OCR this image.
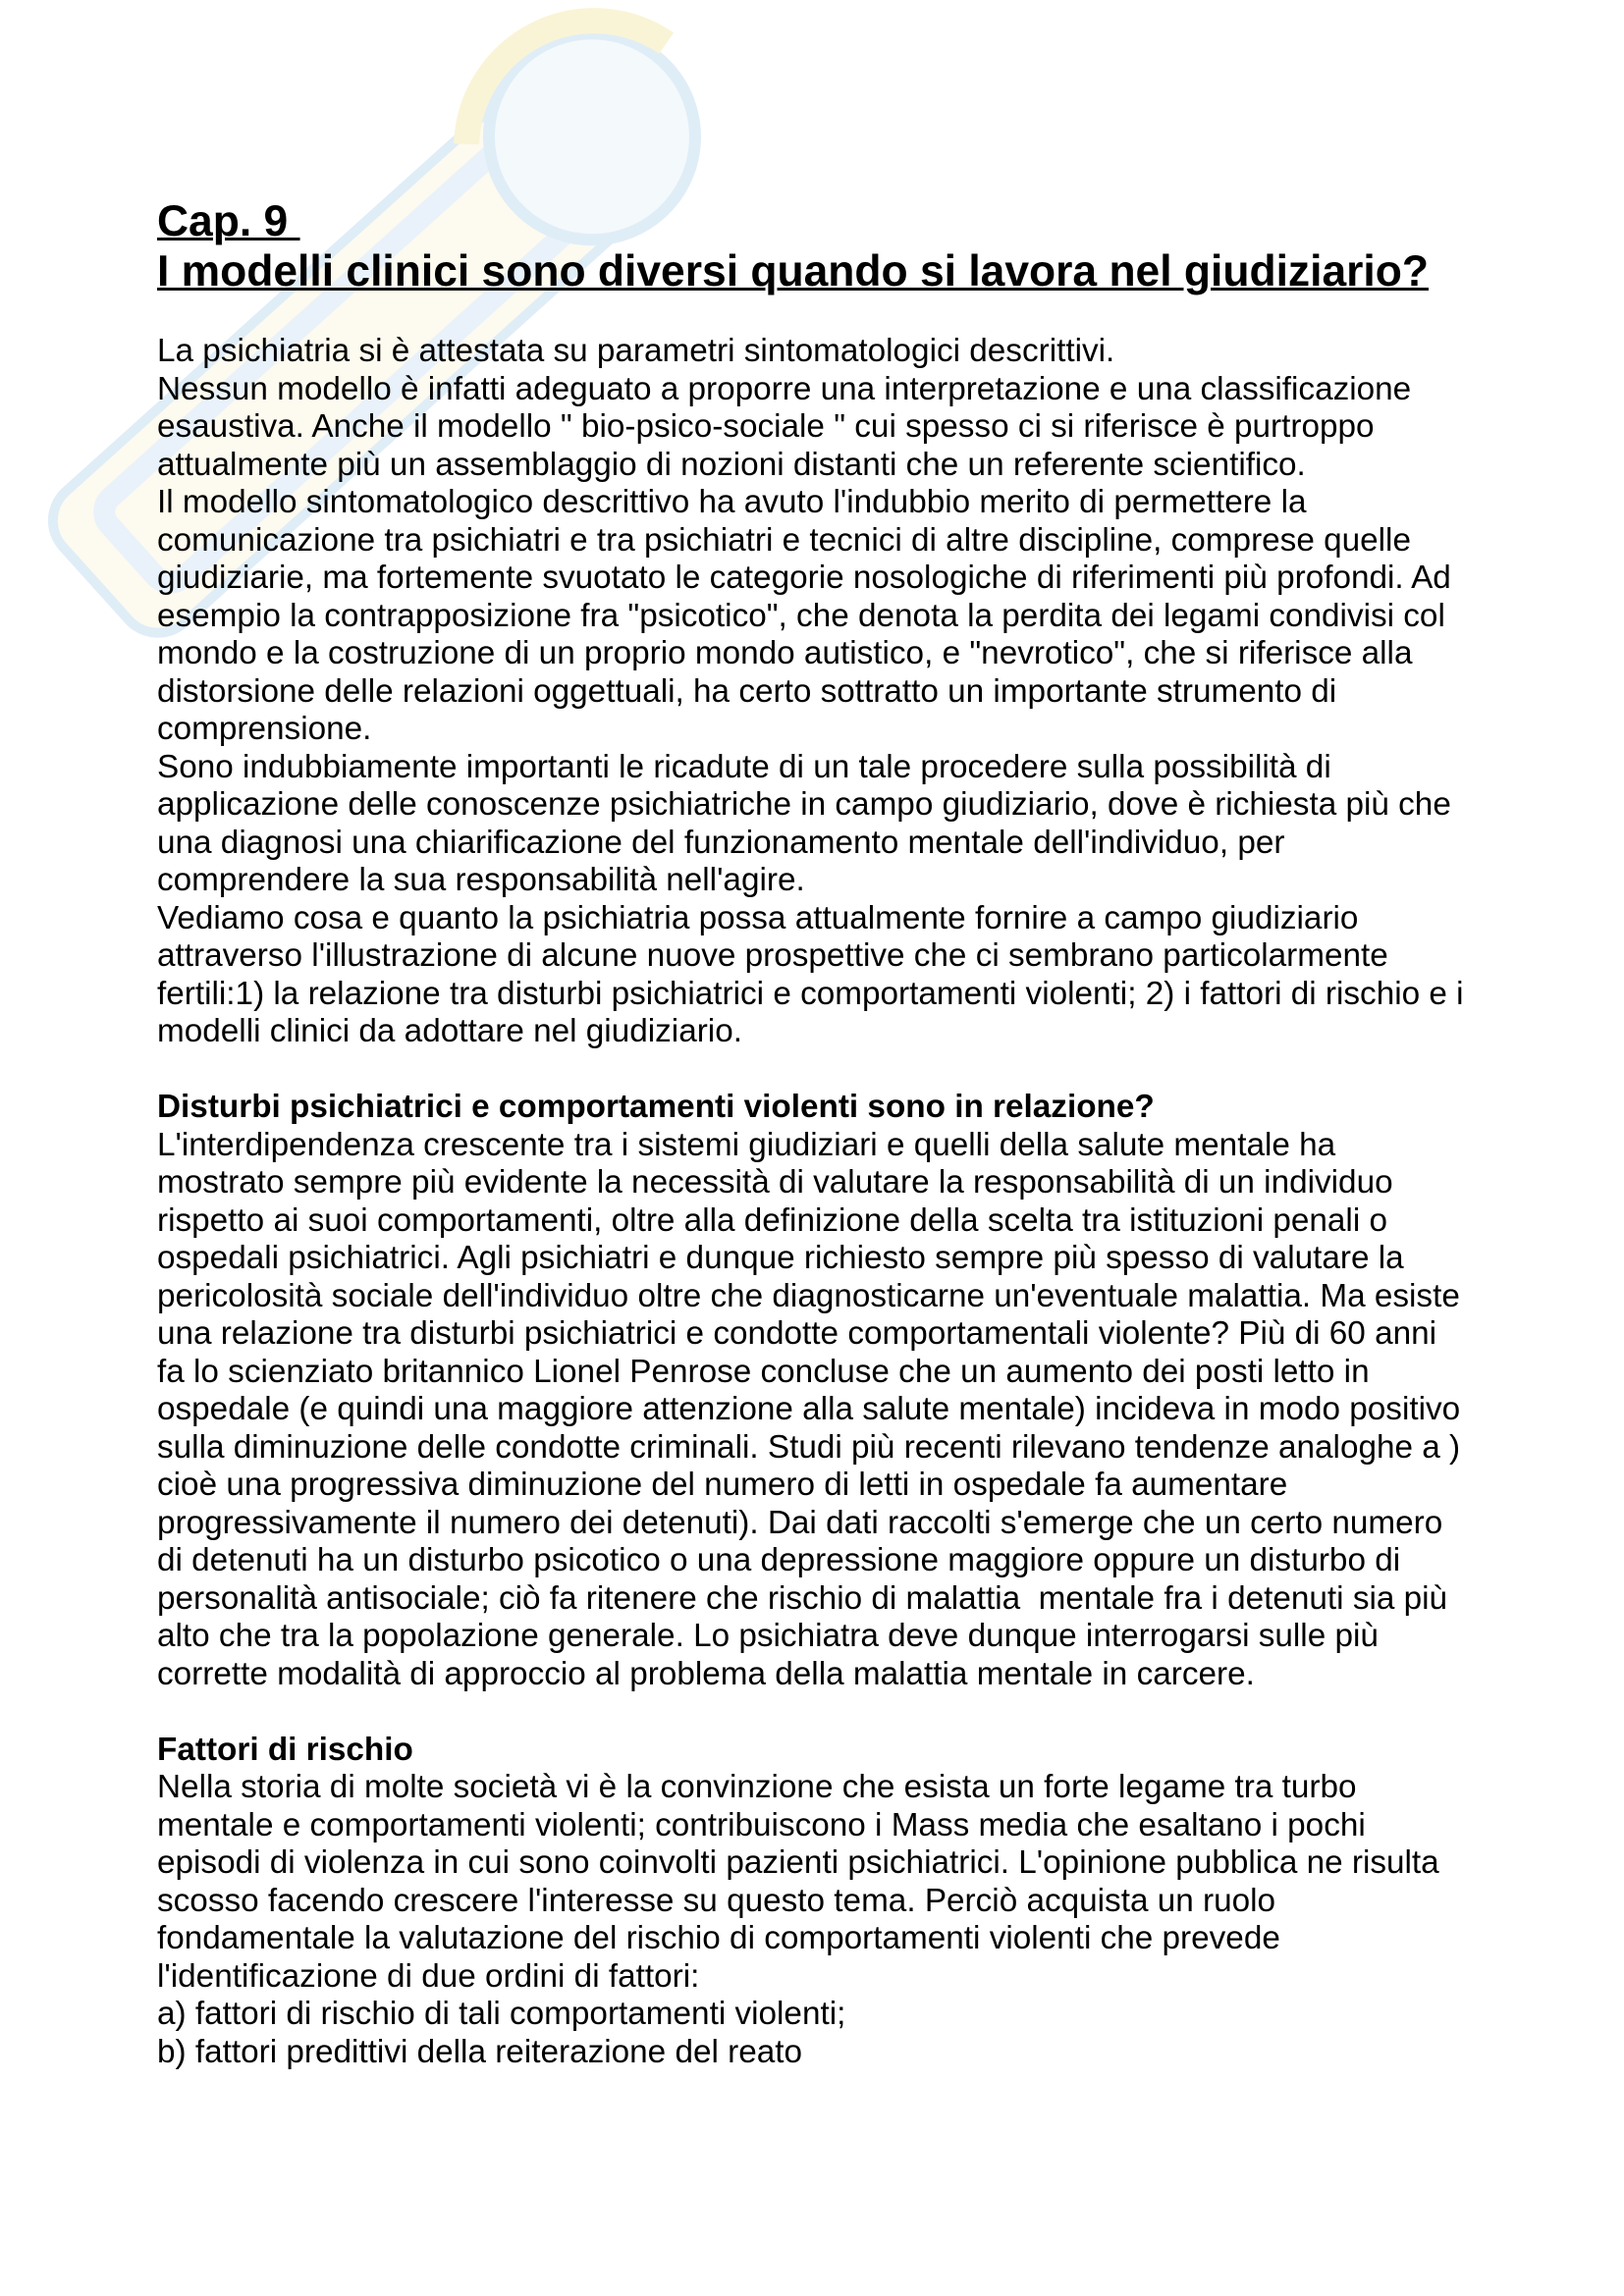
Cap. 9
I modelli clinici sono diversi quando si lavora nel giudiziario?
La psichiatria si è attestata su parametri sintomatologici descrittivi.
Nessun modello è infatti adeguato a proporre una interpretazione e una classificazione
esaustiva. Anche il modello " bio-psico-sociale " cui spesso ci si riferisce è purtroppo
attualmente più un assemblaggio di nozioni distanti che un referente scientifico.
Il modello sintomatologico descrittivo ha avuto l'indubbio merito di permettere la
comunicazione tra psichiatri e tra psichiatri e tecnici di altre discipline, comprese quelle
giudiziarie, ma fortemente svuotato le categorie nosologiche di riferimenti più profondi. Ad
esempio la contrapposizione fra "psicotico", che denota la perdita dei legami condivisi col
mondo e la costruzione di un proprio mondo autistico, e "nevrotico", che si riferisce alla
distorsione delle relazioni oggettuali, ha certo sottratto un importante strumento di
comprensione.
Sono indubbiamente importanti le ricadute di un tale procedere sulla possibilità di
applicazione delle conoscenze psichiatriche in campo giudiziario, dove è richiesta più che
una diagnosi una chiarificazione del funzionamento mentale dell'individuo, per
comprendere la sua responsabilità nell'agire.
Vediamo cosa e quanto la psichiatria possa attualmente fornire a campo giudiziario
attraverso l'illustrazione di alcune nuove prospettive che ci sembrano particolarmente
fertili:1) la relazione tra disturbi psichiatrici e comportamenti violenti; 2) i fattori di rischio e i
modelli clinici da adottare nel giudiziario.
Disturbi psichiatrici e comportamenti violenti sono in relazione?
L'interdipendenza crescente tra i sistemi giudiziari e quelli della salute mentale ha
mostrato sempre più evidente la necessità di valutare la responsabilità di un individuo
rispetto ai suoi comportamenti, oltre alla definizione della scelta tra istituzioni penali o
ospedali psichiatrici. Agli psichiatri e dunque richiesto sempre più spesso di valutare la
pericolosità sociale dell'individuo oltre che diagnosticarne un'eventuale malattia. Ma esiste
una relazione tra disturbi psichiatrici e condotte comportamentali violente? Più di 60 anni
fa lo scienziato britannico Lionel Penrose concluse che un aumento dei posti letto in
ospedale (e quindi una maggiore attenzione alla salute mentale) incideva in modo positivo
sulla diminuzione delle condotte criminali. Studi più recenti rilevano tendenze analoghe a )
cioè una progressiva diminuzione del numero di letti in ospedale fa aumentare
progressivamente il numero dei detenuti). Dai dati raccolti s'emerge che un certo numero
di detenuti ha un disturbo psicotico o una depressione maggiore oppure un disturbo di
personalità antisociale; ciò fa ritenere che rischio di malattia  mentale fra i detenuti sia più
alto che tra la popolazione generale. Lo psichiatra deve dunque interrogarsi sulle più
corrette modalità di approccio al problema della malattia mentale in carcere.
Fattori di rischio
Nella storia di molte società vi è la convinzione che esista un forte legame tra turbo
mentale e comportamenti violenti; contribuiscono i Mass media che esaltano i pochi
episodi di violenza in cui sono coinvolti pazienti psichiatrici. L'opinione pubblica ne risulta
scosso facendo crescere l'interesse su questo tema. Perciò acquista un ruolo
fondamentale la valutazione del rischio di comportamenti violenti che prevede
l'identificazione di due ordini di fattori:
a) fattori di rischio di tali comportamenti violenti;
b) fattori predittivi della reiterazione del reato
